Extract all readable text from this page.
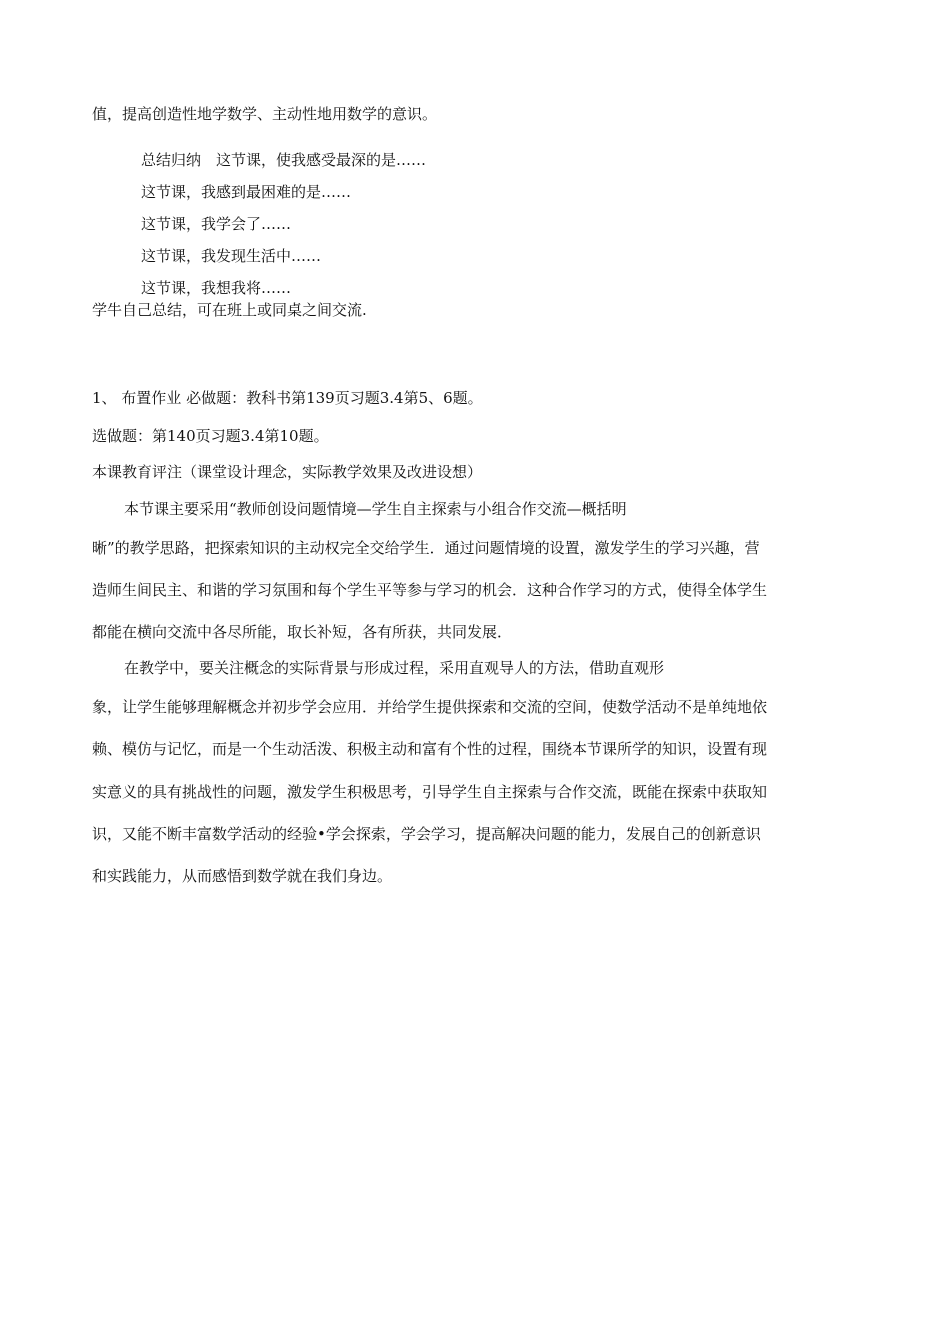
值，提高创造性地学数学、主动性地用数学的意识。
总结归纳　这节课，使我感受最深的是……
这节课，我感到最困难的是……
这节课，我学会了……
这节课，我发现生活中……
这节课，我想我将……
学牛自己总结，可在班上或同桌之间交流.
1、 布置作业 必做题：教科书第139页习题3.4第5、6题。
选做题：第140页习题3.4第10题。
本课教育评注（课堂设计理念，实际教学效果及改进设想）
本节课主要采用“教师创设问题情境—学生自主探索与小组合作交流—概括明
晰”的教学思路，把探索知识的主动权完全交给学生．通过问题情境的设置，激发学生的学习兴趣，营
造师生间民主、和谐的学习氛围和每个学生平等参与学习的机会．这种合作学习的方式，使得全体学生
都能在横向交流中各尽所能，取长补短，各有所获，共同发展．
在教学中，要关注概念的实际背景与形成过程，采用直观导人的方法，借助直观形
象，让学生能够理解概念并初步学会应用．并给学生提供探索和交流的空间，使数学活动不是单纯地依
赖、模仿与记忆，而是一个生动活泼、积极主动和富有个性的过程，围绕本节课所学的知识，设置有现
实意义的具有挑战性的问题，激发学生积极思考，引导学生自主探索与合作交流，既能在探索中获取知
识，又能不断丰富数学活动的经验•学会探索，学会学习，提高解决问题的能力，发展自己的创新意识
和实践能力，从而感悟到数学就在我们身边。
